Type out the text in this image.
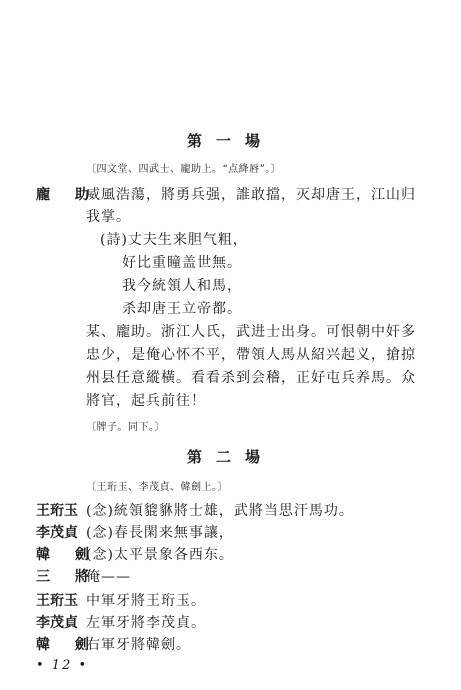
第一場
〔四文堂、四武士、龐助上。“点絳唇”。〕
龐 助
威風浩蕩，將勇兵强，誰敢擋，灭却唐王，江山归
我掌。
(詩)丈夫生来胆气粗，
好比重瞳盖世無。
我今統領人和馬，
杀却唐王立帝都。
某、龐助。浙江人氏，武进士出身。可恨朝中奸多
忠少，是俺心怀不平，帶領人馬从紹兴起义，搶掠
州县任意縱橫。看看杀到会稽，正好屯兵养馬。众
將官，起兵前往！
〔牌子。同下。〕
第二場
〔王珩玉、李茂貞、韓劍上。〕
王珩玉 (念)統領貔貅將士雄，武將当思汗馬功。
李茂貞 (念)春長閑来無事讓，
韓 劍
(念)太平景象各西东。
三 將
俺——
王珩玉 中軍牙將王珩玉。
李茂貞 左軍牙將李茂貞。
韓 劍
右軍牙將韓劍。
• 12 •
